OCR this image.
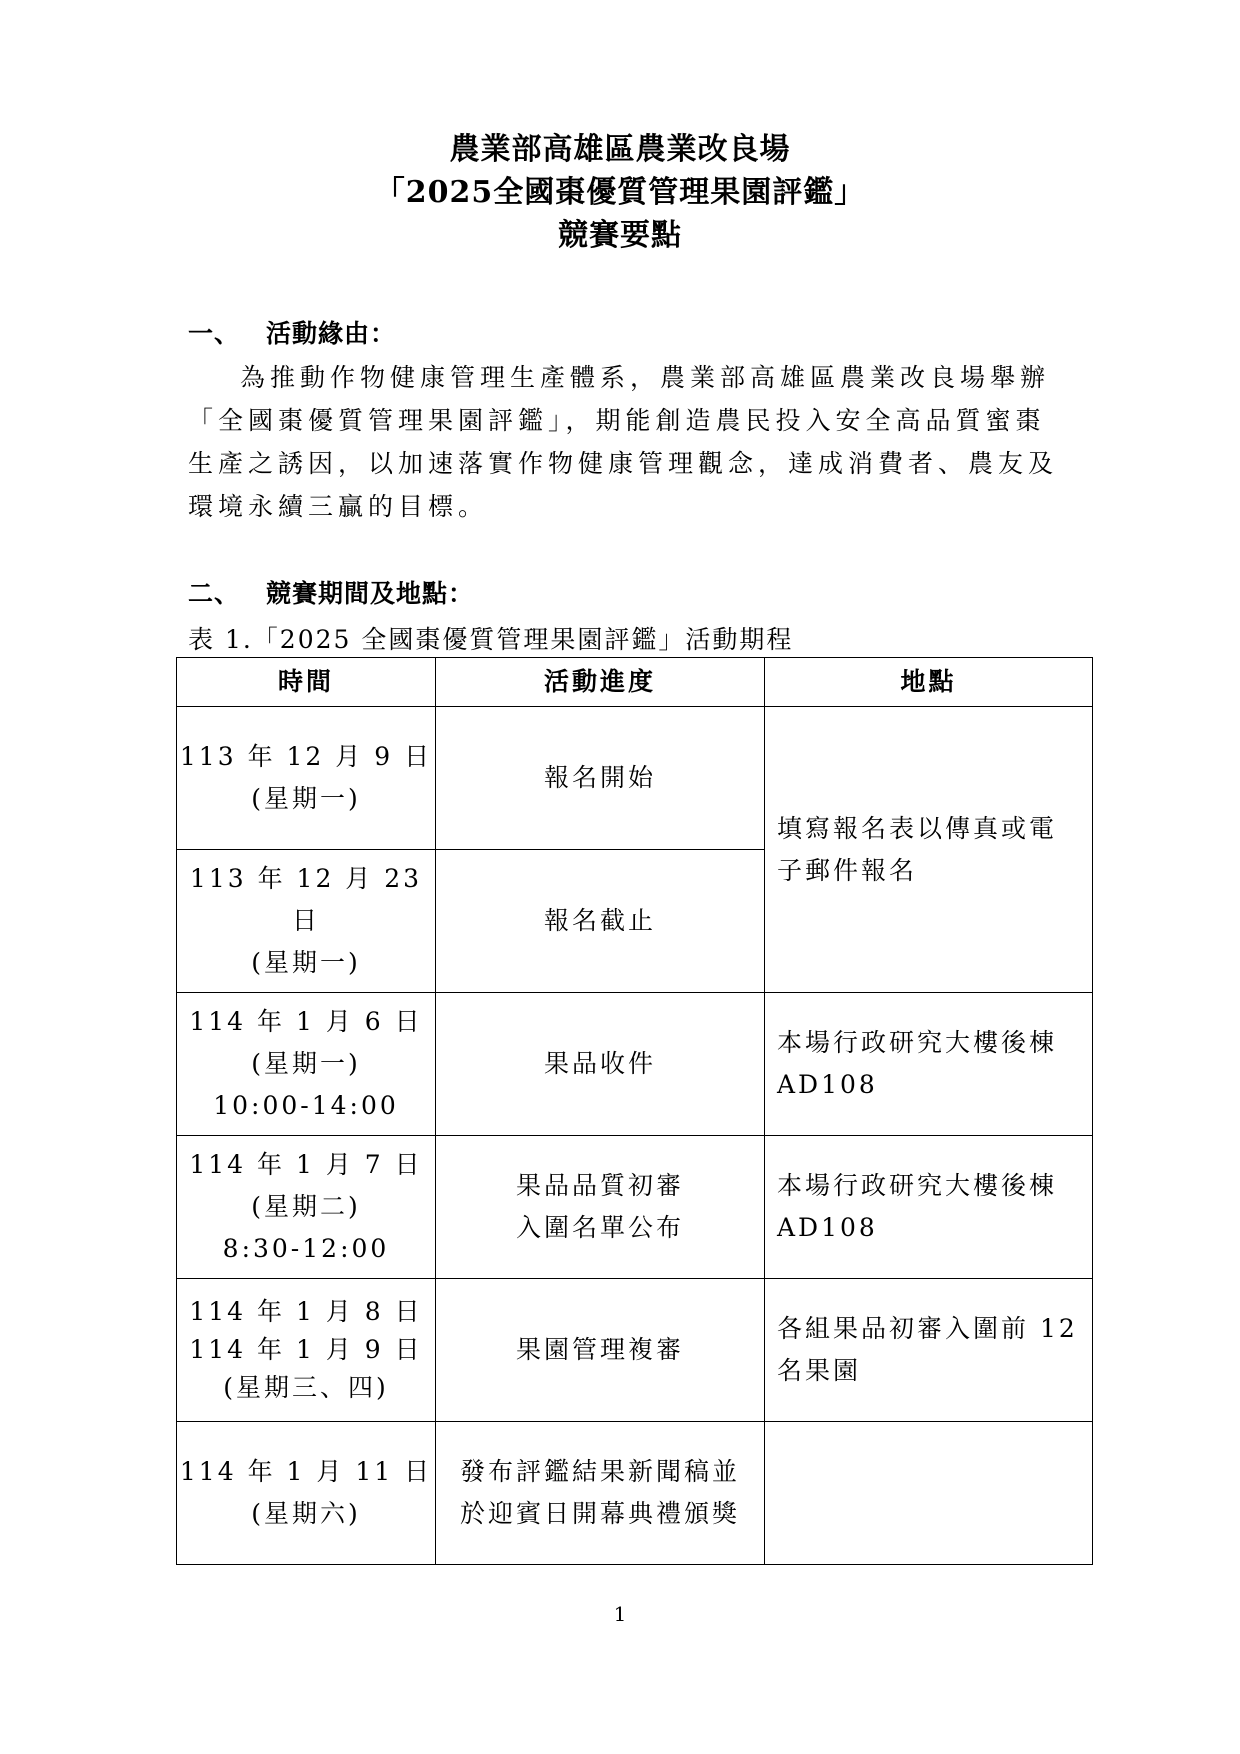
農業部高雄區農業改良場
「2025全國棗優質管理果園評鑑」
競賽要點
一、 活動緣由：
為推動作物健康管理生產體系，農業部高雄區農業改良場舉辦「全國棗優質管理果園評鑑」，期能創造農民投入安全高品質蜜棗生產之誘因，以加速落實作物健康管理觀念，達成消費者、農友及環境永續三贏的目標。
二、 競賽期間及地點：
表 1.「2025 全國棗優質管理果園評鑑」活動期程
時間	活動進度	地點

113 年 12 月 9 日
(星期一)	報名開始	填寫報名表以傳真或電子郵件報名

113 年 12 月 23 日
(星期一)	報名截止	

114 年 1 月 6 日
(星期一)
10:00-14:00	果品收件	本場行政研究大樓後棟 AD108

114 年 1 月 7 日
(星期二)
8:30-12:00	果品品質初審
入圍名單公布	本場行政研究大樓後棟 AD108

114 年 1 月 8 日
114 年 1 月 9 日
(星期三、四)	果園管理複審	各組果品初審入圍前 12 名果園

114 年 1 月 11 日
(星期六)	發布評鑑結果新聞稿並
於迎賓日開幕典禮頒獎	

1
